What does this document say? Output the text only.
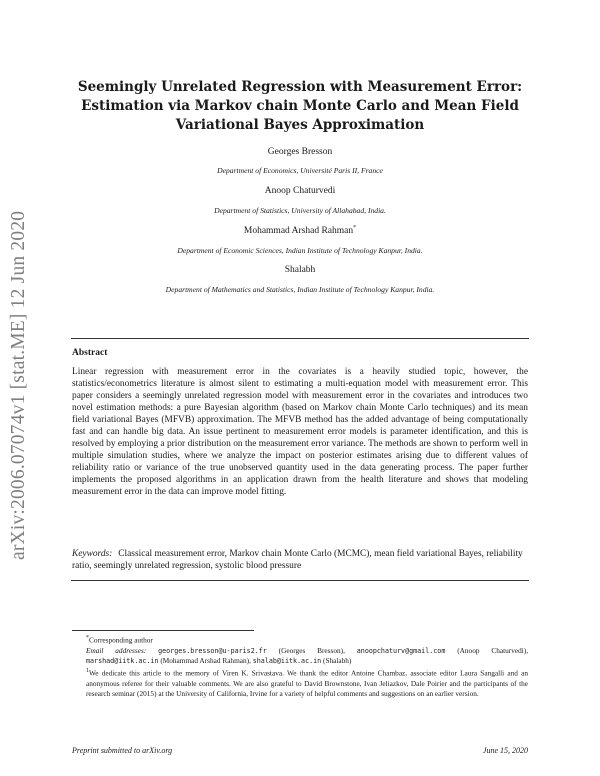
arXiv:2006.07074v1 [stat.ME] 12 Jun 2020
Seemingly Unrelated Regression with Measurement Error:
Estimation via Markov chain Monte Carlo and Mean Field
Variational Bayes Approximation
Georges Bresson
Department of Economics, Université Paris II, France
Anoop Chaturvedi
Department of Statistics, University of Allahabad, India.
Mohammad Arshad Rahman*
Department of Economic Sciences, Indian Institute of Technology Kanpur, India.
Shalabh
Department of Mathematics and Statistics, Indian Institute of Technology Kanpur, India.
Abstract
Linear regression with measurement error in the covariates is a heavily studied topic, however, the statistics/econometrics literature is almost silent to estimating a multi-equation model with measurement error. This paper considers a seemingly unrelated regression model with measurement error in the covariates and introduces two novel estimation methods: a pure Bayesian algorithm (based on Markov chain Monte Carlo techniques) and its mean field variational Bayes (MFVB) approximation. The MFVB method has the added advantage of being computationally fast and can handle big data. An issue pertinent to measurement error models is parameter identification, and this is resolved by employing a prior distribution on the measurement error variance. The methods are shown to perform well in multiple simulation studies, where we analyze the impact on posterior estimates arising due to different values of reliability ratio or variance of the true unobserved quantity used in the data generating process. The paper further implements the proposed algorithms in an application drawn from the health literature and shows that modeling measurement error in the data can improve model fitting.
Keywords: Classical measurement error, Markov chain Monte Carlo (MCMC), mean field variational Bayes, reliability ratio, seemingly unrelated regression, systolic blood pressure

*Corresponding author

Email addresses: georges.bresson@u-paris2.fr (Georges Bresson), anoopchaturv@gmail.com (Anoop Chaturvedi), marshad@iitk.ac.in (Mohammad Arshad Rahman), shalab@iitk.ac.in (Shalabh)

$^1$We dedicate this article to the memory of Viren K. Srivastava. We thank the editor Antoine Chambaz, associate editor Laura Sangalli and an anonymous referee for their valuable comments. We are also grateful to David Brownstone, Ivan Jeliazkov, Dale Poirier and the participants of the research seminar (2015) at the University of California, Irvine for a variety of helpful comments and suggestions on an earlier version.

Preprint submitted to arXiv.org	June 15, 2020
